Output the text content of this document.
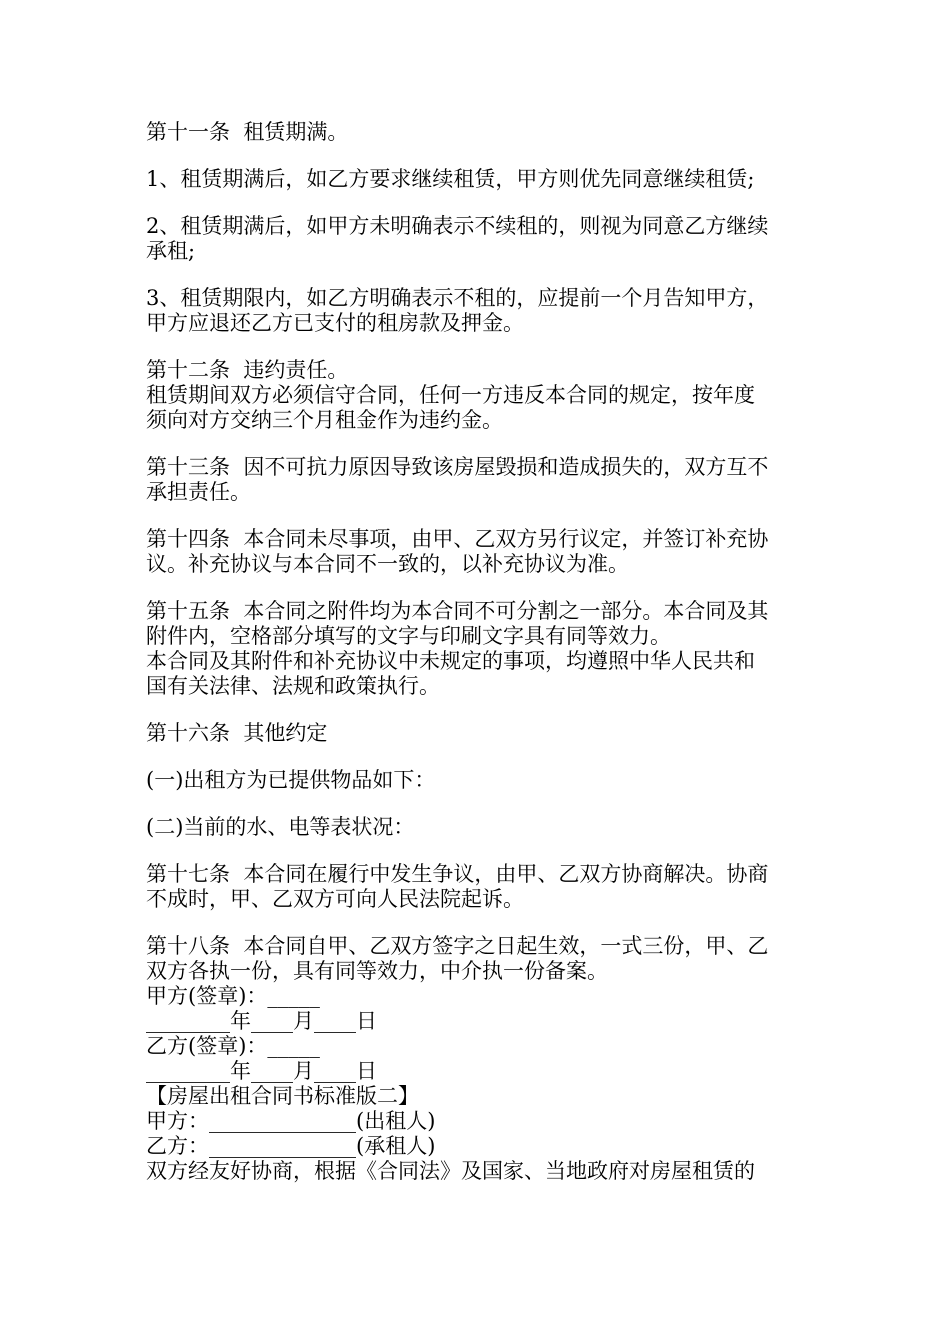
第十一条  租赁期满。
1、租赁期满后，如乙方要求继续租赁，甲方则优先同意继续租赁;
2、租赁期满后，如甲方未明确表示不续租的，则视为同意乙方继续
承租;
3、租赁期限内，如乙方明确表示不租的，应提前一个月告知甲方，
甲方应退还乙方已支付的租房款及押金。
第十二条  违约责任。
租赁期间双方必须信守合同，任何一方违反本合同的规定，按年度
须向对方交纳三个月租金作为违约金。
第十三条  因不可抗力原因导致该房屋毁损和造成损失的，双方互不
承担责任。
第十四条  本合同未尽事项，由甲、乙双方另行议定，并签订补充协
议。补充协议与本合同不一致的，以补充协议为准。
第十五条  本合同之附件均为本合同不可分割之一部分。本合同及其
附件内，空格部分填写的文字与印刷文字具有同等效力。
本合同及其附件和补充协议中未规定的事项，均遵照中华人民共和
国有关法律、法规和政策执行。
第十六条  其他约定
(一)出租方为已提供物品如下：
(二)当前的水、电等表状况：
第十七条  本合同在履行中发生争议，由甲、乙双方协商解决。协商
不成时，甲、乙双方可向人民法院起诉。
第十八条  本合同自甲、乙双方签字之日起生效，一式三份，甲、乙
双方各执一份，具有同等效力，中介执一份备案。
甲方(签章)：_____
________年____月____日
乙方(签章)：_____
________年____月____日
【房屋出租合同书标准版二】
甲方：______________(出租人)
乙方：______________(承租人)
双方经友好协商，根据《合同法》及国家、当地政府对房屋租赁的
